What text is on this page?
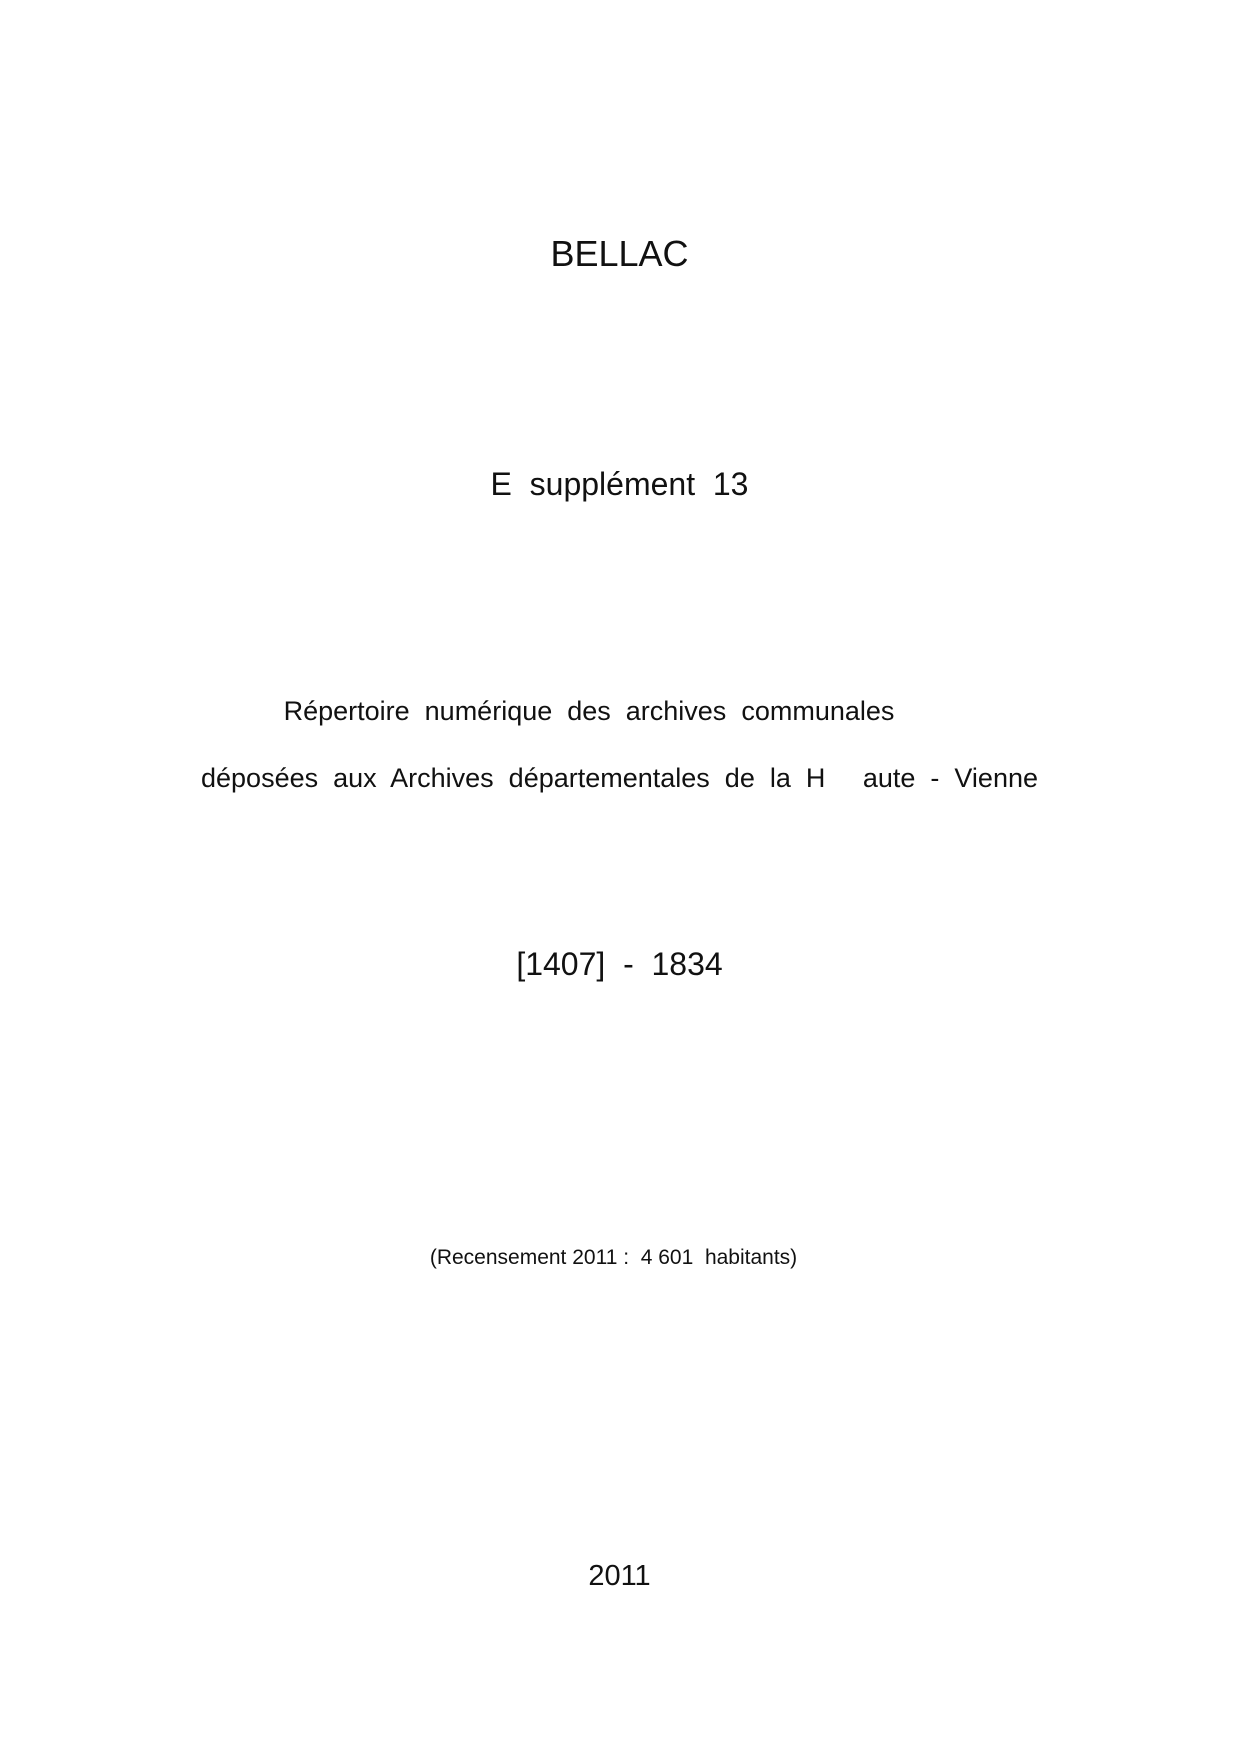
BELLAC
E  supplément  13
Répertoire  numérique  des  archives  communales
déposées  aux  Archives  départementales  de  la  H     aute  -  Vienne
[1407]  -  1834
(Recensement 2011 :  4 601  habitants)
2011
